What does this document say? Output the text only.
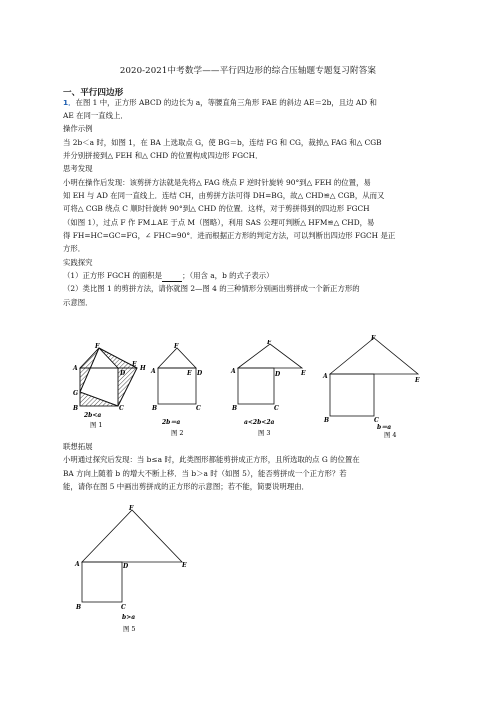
2020-2021中考数学——平行四边形的综合压轴题专题复习附答案
一、平行四边形
1．在图 1 中，正方形 ABCD 的边长为 a，等腰直角三角形 FAE 的斜边 AE＝2b，且边 AD 和
AE 在同一直线上．
操作示例
当 2b＜a 时，如图 1，在 BA 上选取点 G，使 BG＝b，连结 FG 和 CG，裁掉△ FAG 和△ CGB
并分别拼接到△ FEH 和△ CHD 的位置构成四边形 FGCH．
思考发现
小明在操作后发现：该剪拼方法就是先将△ FAG 绕点 F 逆时针旋转 90°到△ FEH 的位置，易
知 EH 与 AD 在同一直线上．连结 CH，由剪拼方法可得 DH=BG，故△ CHD≌△ CGB，从而又
可将△ CGB 绕点 C 顺时针旋转 90°到△ CHD 的位置．这样，对于剪拼得到的四边形 FGCH
（如图 1），过点 F 作 FM⊥AE 于点 M（图略），利用 SAS 公理可判断△ HFM≌△ CHD，易
得 FH=HC=GC=FG，∠ FHC=90°．进而根据正方形的判定方法，可以判断出四边形 FGCH 是正
方形．
实践探究
（1）正方形 FGCH 的面积是	；（用含 a，b 的式子表示）
（2）类比图 1 的剪拼方法，请你就图 2—图 4 的三种情形分别画出剪拼成一个新正方形的
示意图．
F
A
E
D
H
G
B	C
2b<a
图 1
F
A	E D
B	C
2b＝a
图 2
F
A	D	E
B	C
a<2b<2a
图 3
F
A
E
B	C
b＝a
图 4
联想拓展
小明通过探究后发现：当 b≤a 时，此类图形都能剪拼成正方形，且所选取的点 G 的位置在
BA 方向上随着 b 的增大不断上移．当 b＞a 时（如图 5），能否剪拼成一个正方形？若
能，请你在图 5 中画出剪拼成的正方形的示意图；若不能，简要说明理由．
F
A	D	E
B	C
b>a
图 5
